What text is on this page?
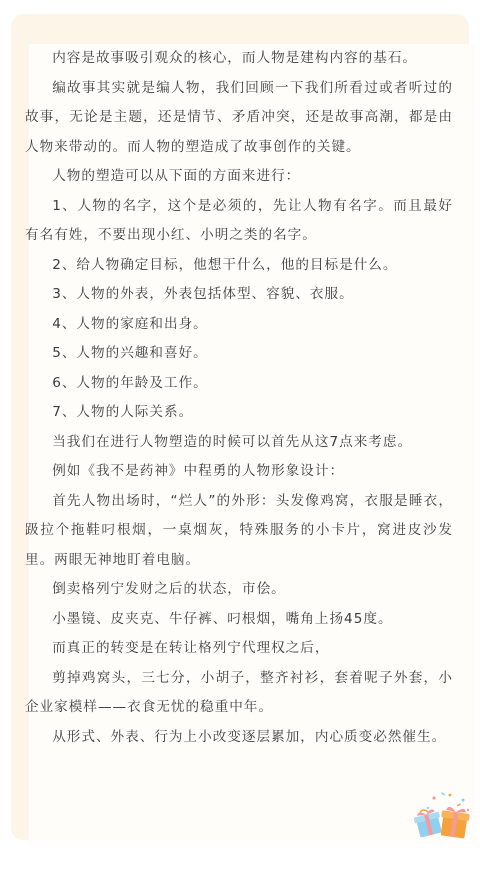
内容是故事吸引观众的核心，而人物是建构内容的基石。

编故事其实就是编人物，我们回顾一下我们所看过或者听过的故事，无论是主题，还是情节、矛盾冲突，还是故事高潮，都是由人物来带动的。而人物的塑造成了故事创作的关键。

人物的塑造可以从下面的方面来进行：

1、人物的名字，这个是必须的，先让人物有名字。而且最好有名有姓，不要出现小红、小明之类的名字。

2、给人物确定目标，他想干什么，他的目标是什么。

3、人物的外表，外表包括体型、容貌、衣服。

4、人物的家庭和出身。

5、人物的兴趣和喜好。

6、人物的年龄及工作。

7、人物的人际关系。

当我们在进行人物塑造的时候可以首先从这7点来考虑。

例如《我不是药神》中程勇的人物形象设计：

首先人物出场时，“烂人”的外形：头发像鸡窝，衣服是睡衣，趿拉个拖鞋叼根烟，一桌烟灰，特殊服务的小卡片，窝进皮沙发里。两眼无神地盯着电脑。

倒卖格列宁发财之后的状态，市侩。

小墨镜、皮夹克、牛仔裤、叼根烟，嘴角上扬45度。

而真正的转变是在转让格列宁代理权之后，

剪掉鸡窝头，三七分，小胡子，整齐衬衫，套着呢子外套，小企业家模样——衣食无忧的稳重中年。

从形式、外表、行为上小改变逐层累加，内心质变必然催生。
